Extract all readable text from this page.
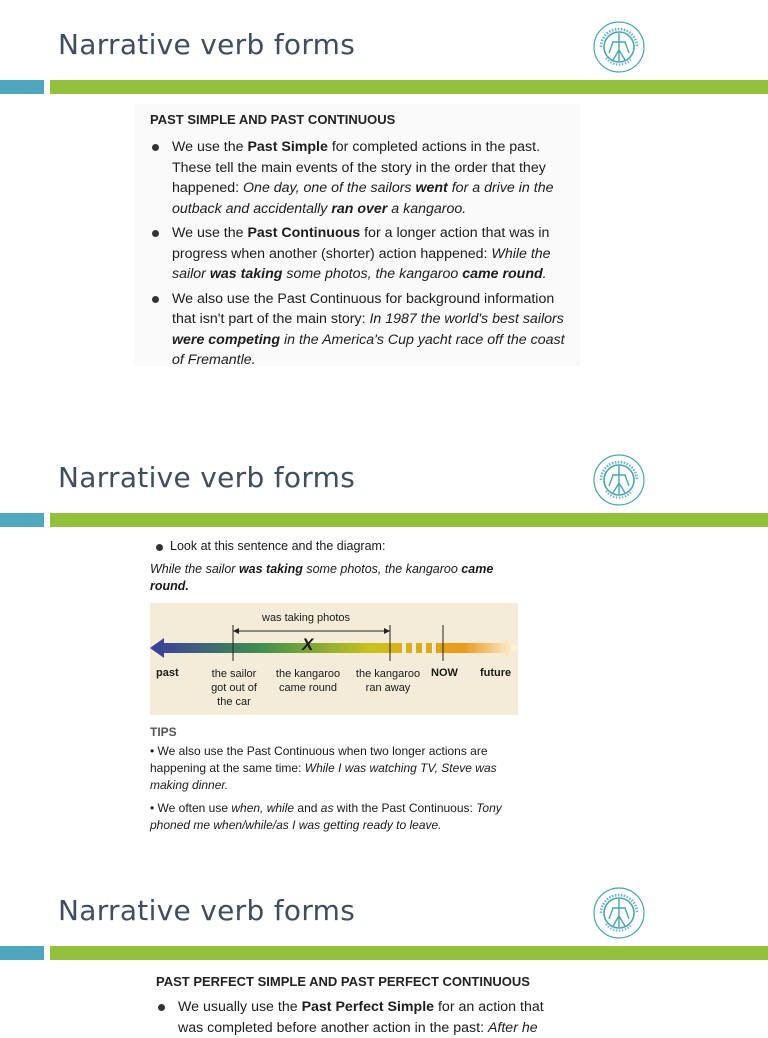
Narrative verb forms
PAST SIMPLE AND PAST CONTINUOUS
We use the Past Simple for completed actions in the past. These tell the main events of the story in the order that they happened: One day, one of the sailors went for a drive in the outback and accidentally ran over a kangaroo.
We use the Past Continuous for a longer action that was in progress when another (shorter) action happened: While the sailor was taking some photos, the kangaroo came round.
We also use the Past Continuous for background information that isn't part of the main story: In 1987 the world's best sailors were competing in the America's Cup yacht race off the coast of Fremantle.
Narrative verb forms
Look at this sentence and the diagram:
While the sailor was taking some photos, the kangaroo came round.
was taking photos
X
past	the sailor
got out of
the car
the kangaroo
came round
the kangaroo
ran away
NOW future
TIPS
• We also use the Past Continuous when two longer actions are happening at the same time: While I was watching TV, Steve was making dinner.
• We often use when, while and as with the Past Continuous: Tony phoned me when/while/as I was getting ready to leave.
Narrative verb forms
PAST PERFECT SIMPLE AND PAST PERFECT CONTINUOUS
We usually use the Past Perfect Simple for an action that was completed before another action in the past: After he
